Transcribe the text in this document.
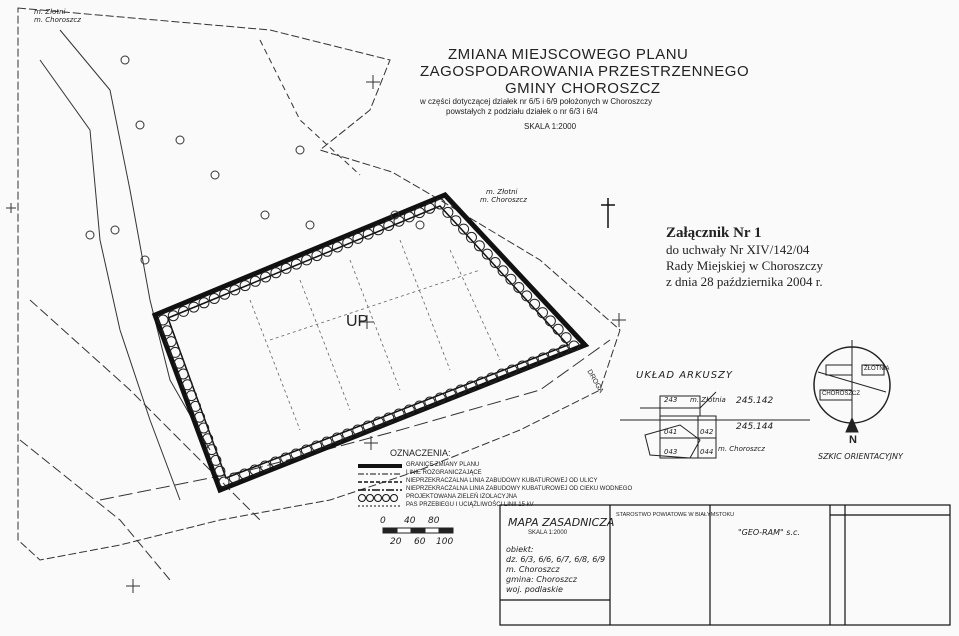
ZMIANA MIEJSCOWEGO PLANU
ZAGOSPODAROWANIA PRZESTRZENNEGO
GMINY CHOROSZCZ
w części dotyczącej działek nr 6/5 i 6/9 położonych w Choroszczy
powstałych z podziału działek o nr 6/3 i 6/4
SKALA 1:2000
Załącznik Nr 1
do uchwały Nr XIV/142/04
Rady Miejskiej w Choroszczy
z dnia 28 października 2004 r.
UP
m. Złotni
m. Choroszcz
m. Złotni
m. Choroszcz
DROGA	UKŁAD ARKUSZY
243 m. Złotnia 245.142
041	042	245.144
043	044 m. Choroszcz
CHOROSZCZ
ZŁOTNIA
N
SZKIC ORIENTACYJNY
OZNACZENIA:
GRANICE ZMIANY PLANU
LINIE ROZGRANICZAJĄCE
NIEPRZEKRACZALNA LINIA ZABUDOWY KUBATUROWEJ OD ULICY
NIEPRZEKRACZALNA LINIA ZABUDOWY KUBATUROWEJ OD CIEKU WODNEGO
PROJEKTOWANA ZIELEŃ IZOLACYJNA
PAS PRZEBIEGU I UCIĄŻLIWOŚCI LINII 15 kV
0 40 80
20 60 100
MAPA ZASADNICZA
SKALA 1:2000
obiekt:
dz. 6/3, 6/6, 6/7, 6/8, 6/9
m. Choroszcz
gmina: Choroszcz
woj. podlaskie
STAROSTWO POWIATOWE W BIAŁYMSTOKU
"GEO-RAM" s.c.
